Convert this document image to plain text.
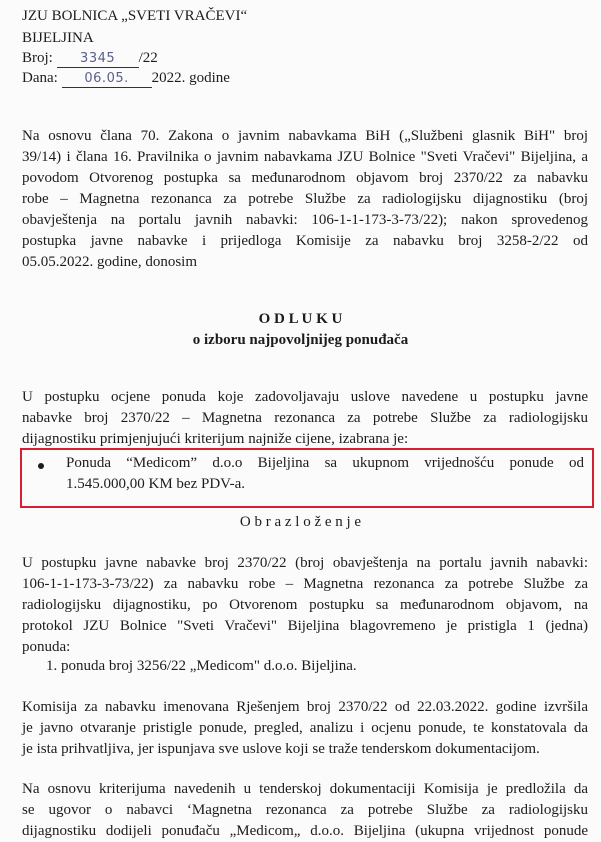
JZU BOLNICA „SVETI VRAČEVI“
BIJELJINA
Broj: 3345 /22
Dana: 06.05. 2022. godine
Na osnovu člana 70. Zakona o javnim nabavkama BiH („Službeni glasnik BiH" broj
39/14) i člana 16. Pravilnika o javnim nabavkama JZU Bolnice "Sveti Vračevi" Bijeljina, a
povodom Otvorenog postupka sa međunarodnom objavom broj 2370/22 za nabavku
robe – Magnetna rezonanca za potrebe Službe za radiologijsku dijagnostiku (broj
obavještenja na portalu javnih nabavki: 106-1-1-173-3-73/22); nakon sprovedenog
postupka javne nabavke i prijedloga Komisije za nabavku broj 3258-2/22 od
05.05.2022. godine, donosim
O D L U K U
o izboru najpovoljnijeg ponuđača
U postupku ocjene ponuda koje zadovoljavaju uslove navedene u postupku javne
nabavke broj 2370/22 – Magnetna rezonanca za potrebe Službe za radiologijsku
dijagnostiku primjenjujući kriterijum najniže cijene, izabrana je:
Ponuda “Medicom” d.o.o Bijeljina sa ukupnom vrijednošću ponude od
1.545.000,00 KM bez PDV-a.
O b r a z l o ž e n j e
U postupku javne nabavke broj 2370/22 (broj obavještenja na portalu javnih nabavki:
106-1-1-173-3-73/22) za nabavku robe – Magnetna rezonanca za potrebe Službe za
radiologijsku dijagnostiku, po Otvorenom postupku sa međunarodnom objavom, na
protokol JZU Bolnice "Sveti Vračevi" Bijeljina blagovremeno je pristigla 1 (jedna)
ponuda:
1. ponuda broj 3256/22 „Medicom" d.o.o. Bijeljina.
Komisija za nabavku imenovana Rješenjem broj 2370/22 od 22.03.2022. godine izvršila
je javno otvaranje pristigle ponude, pregled, analizu i ocjenu ponude, te konstatovala da
je ista prihvatljiva, jer ispunjava sve uslove koji se traže tenderskom dokumentacijom.
Na osnovu kriterijuma navedenih u tenderskoj dokumentaciji Komisija je predložila da
se ugovor o nabavci ‘Magnetna rezonanca za potrebe Službe za radiologijsku
dijagnostiku dodijeli ponuđaču „Medicom„ d.o.o. Bijeljina (ukupna vrijednost ponude
